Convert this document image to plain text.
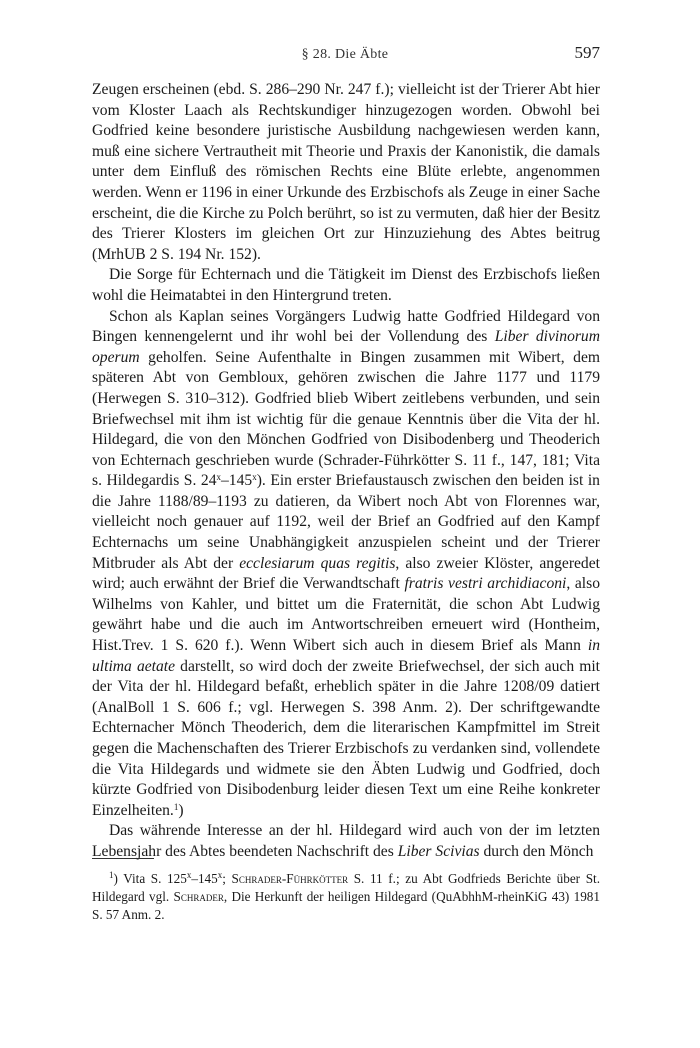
§ 28. Die Äbte	597

Zeugen erscheinen (ebd. S. 286–290 Nr. 247 f.); vielleicht ist der Trierer Abt hier vom Kloster Laach als Rechtskundiger hinzugezogen worden. Obwohl bei Godfried keine besondere juristische Ausbildung nachgewiesen werden kann, muß eine sichere Vertrautheit mit Theorie und Praxis der Kanonistik, die damals unter dem Einfluß des römischen Rechts eine Blüte erlebte, angenommen werden. Wenn er 1196 in einer Urkunde des Erzbischofs als Zeuge in einer Sache erscheint, die die Kirche zu Polch berührt, so ist zu vermuten, daß hier der Besitz des Trierer Klosters im gleichen Ort zur Hinzuziehung des Abtes beitrug (MrhUB 2 S. 194 Nr. 152).

Die Sorge für Echternach und die Tätigkeit im Dienst des Erzbischofs ließen wohl die Heimatabtei in den Hintergrund treten.

Schon als Kaplan seines Vorgängers Ludwig hatte Godfried Hildegard von Bingen kennengelernt und ihr wohl bei der Vollendung des Liber divinorum operum geholfen. Seine Aufenthalte in Bingen zusammen mit Wibert, dem späteren Abt von Gembloux, gehören zwischen die Jahre 1177 und 1179 (Herwegen S. 310–312). Godfried blieb Wibert zeitlebens verbunden, und sein Briefwechsel mit ihm ist wichtig für die genaue Kenntnis über die Vita der hl. Hildegard, die von den Mönchen Godfried von Disibodenberg und Theoderich von Echternach geschrieben wurde (Schrader-Führkötter S. 11 f., 147, 181; Vita s. Hildegardis S. 24$^x$–145$^x$). Ein erster Briefaustausch zwischen den beiden ist in die Jahre 1188/89–1193 zu datieren, da Wibert noch Abt von Florennes war, vielleicht noch genauer auf 1192, weil der Brief an Godfried auf den Kampf Echternachs um seine Unabhängigkeit anzuspielen scheint und der Trierer Mitbruder als Abt der ecclesiarum quas regitis, also zweier Klöster, angeredet wird; auch erwähnt der Brief die Verwandtschaft fratris vestri archidiaconi, also Wilhelms von Kahler, und bittet um die Fraternität, die schon Abt Ludwig gewährt habe und die auch im Antwortschreiben erneuert wird (Hontheim, Hist.Trev. 1 S. 620 f.). Wenn Wibert sich auch in diesem Brief als Mann in ultima aetate darstellt, so wird doch der zweite Briefwechsel, der sich auch mit der Vita der hl. Hildegard befaßt, erheblich später in die Jahre 1208/09 datiert (AnalBoll 1 S. 606 f.; vgl. Herwegen S. 398 Anm. 2). Der schriftgewandte Echternacher Mönch Theoderich, dem die literarischen Kampfmittel im Streit gegen die Machenschaften des Trierer Erzbischofs zu verdanken sind, vollendete die Vita Hildegards und widmete sie den Äbten Ludwig und Godfried, doch kürzte Godfried von Disibodenburg leider diesen Text um eine Reihe konkreter Einzelheiten.$^1$)

Das währende Interesse an der hl. Hildegard wird auch von der im letzten Lebensjahr des Abtes beendeten Nachschrift des Liber Scivias durch den Mönch

$^1$) Vita S. 125$^x$–145$^x$; Schrader-Führkötter S. 11 f.; zu Abt Godfrieds Berichte über St. Hildegard vgl. Schrader, Die Herkunft der heiligen Hildegard (QuAbhhM-rheinKiG 43) 1981 S. 57 Anm. 2.
